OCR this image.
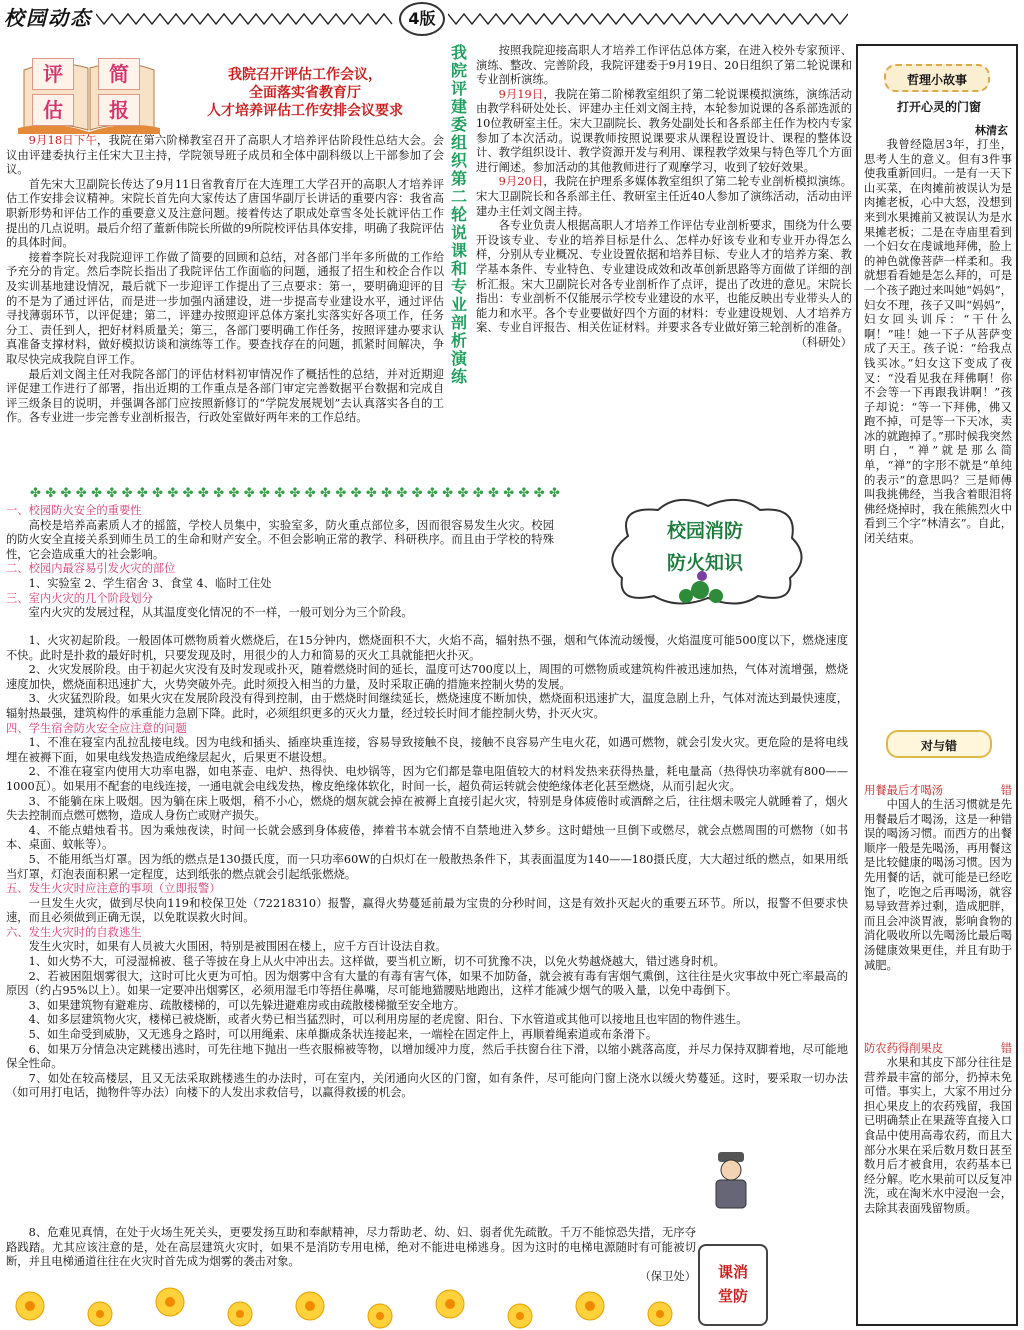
校园动态	4版
评	简
估	报
我院召开评估工作会议，
全面落实省教育厅
人才培养评估工作安排会议要求

9月18日下午，我院在第六阶梯教室召开了高职人才培养评估阶段性总结大会。会议由评建委执行主任宋大卫主持，学院领导班子成员和全体中副科级以上干部参加了会议。

首先宋大卫副院长传达了9月11日省教育厅在大连理工大学召开的高职人才培养评估工作安排会议精神。宋院长首先向大家传达了唐国华副厅长讲话的重要内容：我省高职新形势和评估工作的重要意义及注意问题。接着传达了职成处章雪冬处长就评估工作提出的几点说明。最后介绍了董新伟院长所做的9所院校评估具体安排，明确了我院评估的具体时间。

接着李院长对我院迎评工作做了简要的回顾和总结，对各部门半年多所做的工作给予充分的肯定。然后李院长指出了我院评估工作面临的问题，通报了招生和校企合作以及实训基地建设情况，最后就下一步迎评工作提出了三点要求：第一，要明确迎评的目的不是为了通过评估，而是进一步加强内涵建设，进一步提高专业建设水平，通过评估寻找薄弱环节，以评促建；第二，评建办按照迎评总体方案扎实落实好各项工作，任务分工、责任到人，把好材料质量关；第三，各部门要明确工作任务，按照评建办要求认真准备支撑材料，做好模拟访谈和演练等工作。要查找存在的问题，抓紧时间解决，争取尽快完成我院自评工作。

最后刘文阁主任对我院各部门的评估材料初审情况作了概括性的总结，并对近期迎评促建工作进行了部署，指出近期的工作重点是各部门审定完善数据平台数据和完成自评三级条目的说明，并强调各部门应按照新修订的“学院发展规划”去认真落实各自的工作。各专业进一步完善专业剖析报告，行政处室做好两年来的工作总结。

我院评建委组织第二轮说课和专业剖析演练

按照我院迎接高职人才培养工作评估总体方案，在进入校外专家预评、演练、整改、完善阶段，我院评建委于9月19日、20日组织了第二轮说课和专业剖析演练。

9月19日，我院在第二阶梯教室组织了第二轮说课模拟演练，演练活动由教学科研处处长、评建办主任刘文阁主持，本轮参加说课的各系部选派的10位教研室主任。宋大卫副院长、教务处副处长和各系部主任作为校内专家参加了本次活动。说课教师按照说课要求从课程设置设计、课程的整体设计、教学组织设计、教学资源开发与利用、课程教学效果与特色等几个方面进行阐述。参加活动的其他教师进行了观摩学习，收到了较好效果。

9月20日，我院在护理系多媒体教室组织了第二轮专业剖析模拟演练。宋大卫副院长和各系部主任、教研室主任近40人参加了演练活动，活动由评建办主任刘文阁主持。

各专业负责人根据高职人才培养工作评估专业剖析要求，围绕为什么要开设该专业、专业的培养目标是什么、怎样办好该专业和专业开办得怎么样，分别从专业概况、专业设置依据和培养目标、专业人才的培养方案、教学基本条件、专业特色、专业建设成效和改革创新思路等方面做了详细的剖析汇报。宋大卫副院长对各专业剖析作了点评，提出了改进的意见。宋院长指出：专业剖析不仅能展示学校专业建设的水平，也能反映出专业带头人的能力和水平。各个专业要做好四个方面的材料：专业建设规划、人才培养方案、专业自评报告、相关佐证材料。并要求各专业做好第三轮剖析的准备。

（科研处）
✤ ✤ ✤ ✤ ✤ ✤ ✤ ✤ ✤ ✤ ✤ ✤ ✤ ✤ ✤ ✤ ✤ ✤ ✤ ✤ ✤ ✤ ✤ ✤ ✤ ✤ ✤ ✤ ✤ ✤ ✤ ✤ ✤ ✤ ✤
校园消防
防火知识
一、校园防火安全的重要性

高校是培养高素质人才的摇篮，学校人员集中，实验室多，防火重点部位多，因而很容易发生火灾。校园的防火安全直接关系到师生员工的生命和财产安全。不但会影响正常的教学、科研秩序。而且由于学校的特殊性，它会造成重大的社会影响。

二、校园内最容易引发火灾的部位

1、实验室 2、学生宿舍 3、食堂 4、临时工住处

三、室内火灾的几个阶段划分

室内火灾的发展过程，从其温度变化情况的不一样，一般可划分为三个阶段。

1、火灾初起阶段。一般固体可燃物质着火燃烧后，在15分钟内，燃烧面积不大，火焰不高，辐射热不强，烟和气体流动缓慢，火焰温度可能500度以下，燃烧速度不快。此时是扑救的最好时机，只要发现及时，用很少的人力和简易的灭火工具就能把火扑灭。

2、火灾发展阶段。由于初起火灾没有及时发现或扑灭，随着燃烧时间的延长，温度可达700度以上，周围的可燃物质或建筑构件被迅速加热，气体对流增强，燃烧速度加快，燃烧面积迅速扩大，火势突破外壳。此时须投入相当的力量，及时采取正确的措施来控制火势的发展。

3、火灾猛烈阶段。如果火灾在发展阶段没有得到控制，由于燃烧时间继续延长，燃烧速度不断加快，燃烧面积迅速扩大，温度急剧上升，气体对流达到最快速度，辐射热最强，建筑构件的承重能力急剧下降。此时，必须组织更多的灭火力量，经过较长时间才能控制火势，扑灭火灾。

四、学生宿舍防火安全应注意的问题

1、不准在寝室内乱拉乱接电线。因为电线和插头、插座块重连接，容易导致接触不良，接触不良容易产生电火花，如遇可燃物，就会引发火灾。更危险的是将电线埋在被褥下面，如果电线发热造成绝缘层起火，后果更不堪设想。

2、不准在寝室内使用大功率电器，如电茶壶、电炉、热得快、电炒锅等，因为它们都是靠电阻值较大的材料发热来获得热量，耗电量高（热得快功率就有800——1000瓦）。如果用不配套的电线连接，一通电就会电线发热，橡皮绝缘体软化，时间一长，超负荷运转就会使绝缘体老化甚至燃烧，从而引起火灾。

3、不能躺在床上吸烟。因为躺在床上吸烟，稍不小心，燃烧的烟灰就会掉在被褥上直接引起火灾，特别是身体疲倦时或酒醉之后，往往烟未吸完人就睡着了，烟火失去控制而点燃可燃物，造成人身伤亡或财产损失。

4、不能点蜡烛看书。因为乘烛夜读，时间一长就会感到身体疲倦，捧着书本就会情不自禁地进入梦乡。这时蜡烛一旦倒下或燃尽，就会点燃周围的可燃物（如书本、桌面、蚊帐等）。

5、不能用纸当灯罩。因为纸的燃点是130摄氏度，而一只功率60W的白炽灯在一般散热条件下，其表面温度为140——180摄氏度，大大超过纸的燃点，如果用纸当灯罩，灯泡表面积累一定程度，达到纸张的燃点就会引起纸张燃烧。

五、发生火灾时应注意的事项（立即报警）

一旦发生火灾，做到尽快向119和校保卫处（72218310）报警，赢得火势蔓延前最为宝贵的分秒时间，这是有效扑灭起火的重要五环节。所以，报警不但要求快速，而且必须做到正确无误，以免耽误救火时间。

六、发生火灾时的自救逃生

发生火灾时，如果有人员被大火围困，特别是被围困在楼上，应千方百计设法自救。

1、如火势不大，可浸湿棉被、毯子等披在身上从火中冲出去。这样做，要当机立断，切不可犹豫不决，以免火势越烧越大，错过逃身时机。

2、若被困阻烟雾很大，这时可比火更为可怕。因为烟雾中含有大量的有毒有害气体，如果不加防备，就会被有毒有害烟气熏倒，这往往是火灾事故中死亡率最高的原因（约占95%以上）。如果一定要冲出烟雾区，必须用湿毛巾等捂住鼻嘴，尽可能地猫腰贴地跑出，这样才能减少烟气的吸入量，以免中毒倒下。

3、如果建筑物有避难房、疏散楼梯的，可以先躲进避难房或由疏散楼梯撤至安全地方。

4、如多层建筑物火灾，楼梯已被烧断，或者火势已相当猛烈时，可以利用房屋的老虎窗、阳台、下水管道或其他可以接地且也牢固的物件逃生。

5、如生命受到威胁，又无逃身之路时，可以用绳索、床单撕成条状连接起来，一端栓在固定件上，再顺着绳索道或布条滑下。

6、如果万分情急决定跳楼出逃时，可先往地下抛出一些衣服棉被等物，以增加缓冲力度，然后手扶窗台往下滑，以缩小跳落高度，并尽力保持双脚着地，尽可能地保全性命。

7、如处在较高楼层，且又无法采取跳楼逃生的办法时，可在室内，关闭通向火区的门窗，如有条件，尽可能向门窗上浇水以缓火势蔓延。这时，要采取一切办法（如可用打电话，抛物件等办法）向楼下的人发出求救信号，以赢得救援的机会。

8、危难见真情，在处于火场生死关头，更要发扬互助和奉献精神，尽力帮助老、幼、妇、弱者优先疏散。千万不能惊恐失措，无序夺路践踏。尤其应该注意的是，处在高层建筑火灾时，如果不是消防专用电梯，绝对不能进电梯逃身。因为这时的电梯电源随时有可能被切断，并且电梯通道往往在火灾时首先成为烟雾的袭击对象。

（保卫处）	课消
堂防
哲理小故事
打开心灵的门窗
林清玄

我曾经隐居3年，打坐，思考人生的意义。但有3件事使我重新回归。一是有一天下山买菜，在肉摊前被误认为是肉摊老板，心中大怒，没想到来到水果摊前又被误认为是水果摊老板；二是在寺庙里看到一个妇女在虔诚地拜佛，脸上的神色就像菩萨一样柔和。我就想看看她是怎么拜的，可是一个孩子跑过来叫她“妈妈”，妇女不理，孩子又叫“妈妈”，妇女回头训斥：“干什么啊！”哇！她一下子从菩萨变成了天王。孩子说：“给我点钱买冰。”妇女这下变成了夜叉：“没看见我在拜佛啊！你不会等一下再跟我讲啊！”孩子却说：“等一下拜佛，佛又跑不掉，可是等一下天冰，卖冰的就跑掉了。”那时候我突然明白，“禅”就是那么简单，“禅”的字形不就是“单纯的表示”的意思吗？三是师傅叫我挑佛经，当我含着眼泪将佛经烧掉时，我在熊熊烈火中看到三个字“林清玄”。自此，闭关结束。

对与错
用餐最后才喝汤	错

中国人的生活习惯就是先用餐最后才喝汤，这是一种错误的喝汤习惯。而西方的出餐顺序一般是先喝汤，再用餐这是比较健康的喝汤习惯。因为先用餐的话，就可能是已经吃饱了，吃饱之后再喝汤，就容易导致营养过剩，造成肥胖，而且会冲淡胃液，影响食物的消化吸收所以先喝汤比最后喝汤健康效果更佳，并且有助于减肥。

防农药得削果皮	错

水果和其皮下部分往往是营养最丰富的部分，扔掉未免可惜。事实上，大家不用过分担心果皮上的农药残留，我国已明确禁止在果蔬等直接入口食品中使用高毒农药，而且大部分水果在采后数月数日甚至数月后才被食用，农药基本已经分解。吃水果前可以反复冲洗，或在淘米水中浸泡一会，去除其表面残留物质。
